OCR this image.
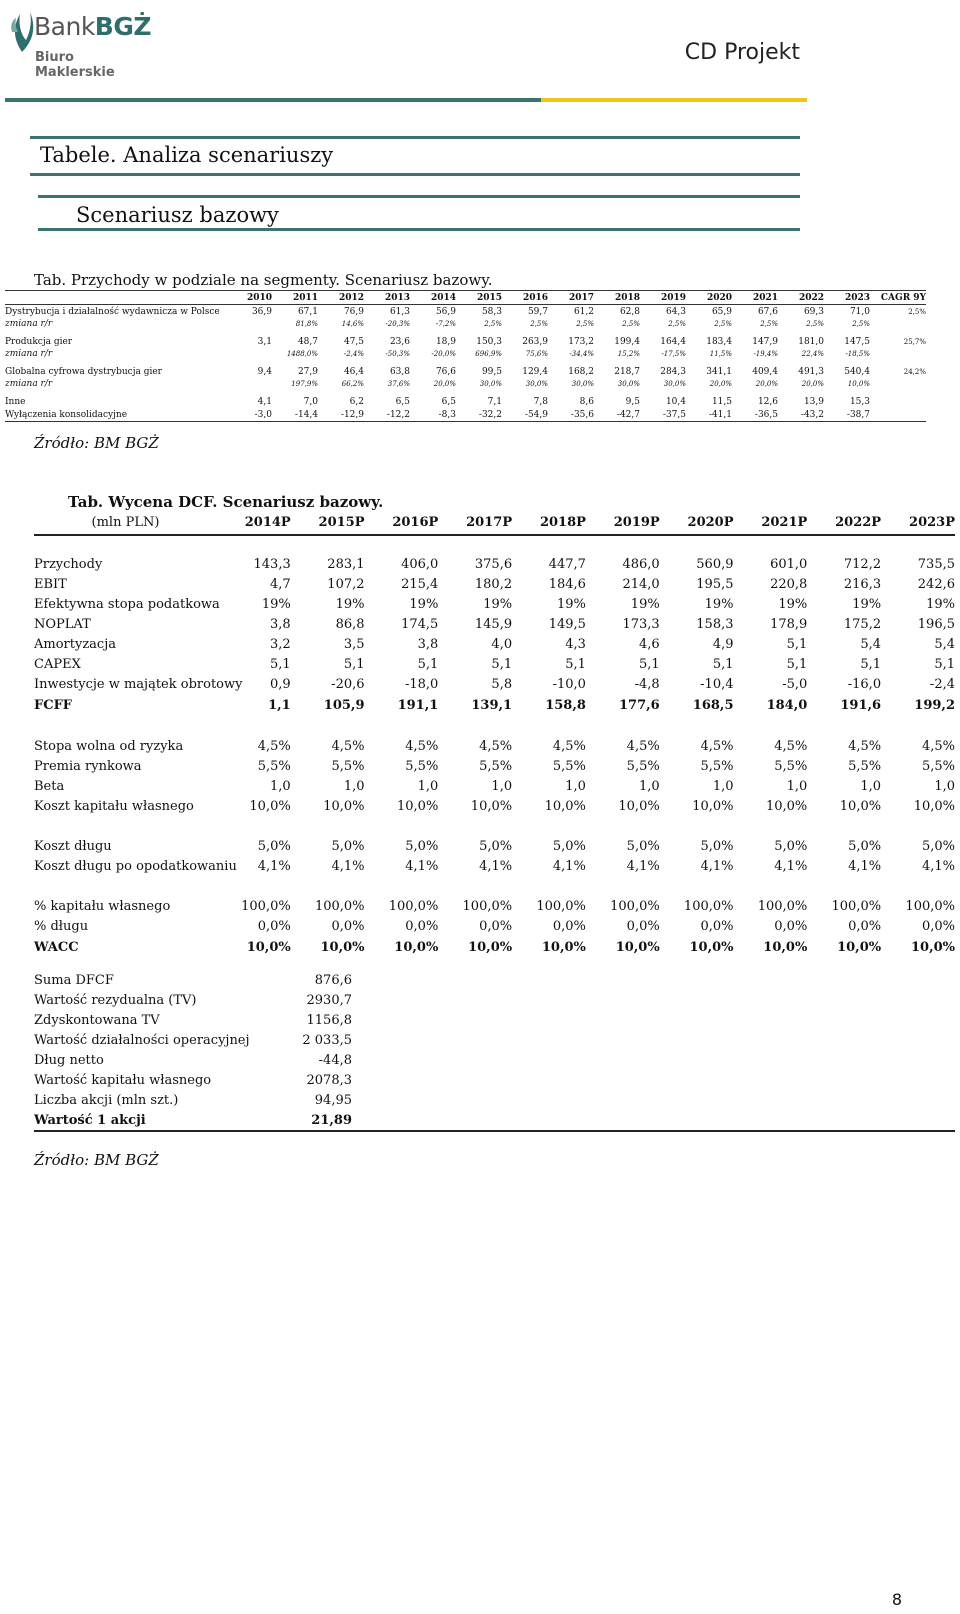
BankBGŻ
Biuro Maklerskie
CD Projekt
Tabele. Analiza scenariuszy
Scenariusz bazowy
Tab. Przychody w podziale na segmenty. Scenariusz bazowy.
	2010	2011	2012	2013	2014	2015	2016	2017	2018	2019	2020	2021	2022	2023	CAGR 9Y
Dystrybucja i działalność wydawnicza w Polsce	36,9	67,1	76,9	61,3	56,9	58,3	59,7	61,2	62,8	64,3	65,9	67,6	69,3	71,0	2,5%
zmiana r/r		81,8%	14,6%	-20,3%	-7,2%	2,5%	2,5%	2,5%	2,5%	2,5%	2,5%	2,5%	2,5%	2,5%	

Produkcja gier	3,1	48,7	47,5	23,6	18,9	150,3	263,9	173,2	199,4	164,4	183,4	147,9	181,0	147,5	25,7%
zmiana r/r		1488,0%	-2,4%	-50,3%	-20,0%	696,9%	75,6%	-34,4%	15,2%	-17,5%	11,5%	-19,4%	22,4%	-18,5%	

Globalna cyfrowa dystrybucja gier	9,4	27,9	46,4	63,8	76,6	99,5	129,4	168,2	218,7	284,3	341,1	409,4	491,3	540,4	24,2%
zmiana r/r		197,9%	66,2%	37,6%	20,0%	30,0%	30,0%	30,0%	30,0%	30,0%	20,0%	20,0%	20,0%	10,0%	

Inne	4,1	7,0	6,2	6,5	6,5	7,1	7,8	8,6	9,5	10,4	11,5	12,6	13,9	15,3	
Wyłączenia konsolidacyjne	-3,0	-14,4	-12,9	-12,2	-8,3	-32,2	-54,9	-35,6	-42,7	-37,5	-41,1	-36,5	-43,2	-38,7	
Źródło: BM BGŻ
Tab. Wycena DCF. Scenariusz bazowy.
(mln PLN)	2014P	2015P	2016P	2017P	2018P	2019P	2020P	2021P	2022P	2023P

Przychody	143,3	283,1	406,0	375,6	447,7	486,0	560,9	601,0	712,2	735,5
EBIT	4,7	107,2	215,4	180,2	184,6	214,0	195,5	220,8	216,3	242,6
Efektywna stopa podatkowa	19%	19%	19%	19%	19%	19%	19%	19%	19%	19%
NOPLAT	3,8	86,8	174,5	145,9	149,5	173,3	158,3	178,9	175,2	196,5
Amortyzacja	3,2	3,5	3,8	4,0	4,3	4,6	4,9	5,1	5,4	5,4
CAPEX	5,1	5,1	5,1	5,1	5,1	5,1	5,1	5,1	5,1	5,1
Inwestycje w majątek obrotowy	0,9	-20,6	-18,0	5,8	-10,0	-4,8	-10,4	-5,0	-16,0	-2,4
FCFF	1,1	105,9	191,1	139,1	158,8	177,6	168,5	184,0	191,6	199,2

Stopa wolna od ryzyka	4,5%	4,5%	4,5%	4,5%	4,5%	4,5%	4,5%	4,5%	4,5%	4,5%
Premia rynkowa	5,5%	5,5%	5,5%	5,5%	5,5%	5,5%	5,5%	5,5%	5,5%	5,5%
Beta	1,0	1,0	1,0	1,0	1,0	1,0	1,0	1,0	1,0	1,0
Koszt kapitału własnego	10,0%	10,0%	10,0%	10,0%	10,0%	10,0%	10,0%	10,0%	10,0%	10,0%

Koszt długu	5,0%	5,0%	5,0%	5,0%	5,0%	5,0%	5,0%	5,0%	5,0%	5,0%
Koszt długu po opodatkowaniu	4,1%	4,1%	4,1%	4,1%	4,1%	4,1%	4,1%	4,1%	4,1%	4,1%

% kapitału własnego	100,0%	100,0%	100,0%	100,0%	100,0%	100,0%	100,0%	100,0%	100,0%	100,0%
% długu	0,0%	0,0%	0,0%	0,0%	0,0%	0,0%	0,0%	0,0%	0,0%	0,0%
WACC	10,0%	10,0%	10,0%	10,0%	10,0%	10,0%	10,0%	10,0%	10,0%	10,0%
Suma DFCF	876,6	
Wartość rezydualna (TV)	2930,7	
Zdyskontowana TV	1156,8	
Wartość działalności operacyjnej	2 033,5	
Dług netto	-44,8	
Wartość kapitału własnego	2078,3	
Liczba akcji (mln szt.)	94,95	
Wartość 1 akcji	21,89	
Źródło: BM BGŻ
8
